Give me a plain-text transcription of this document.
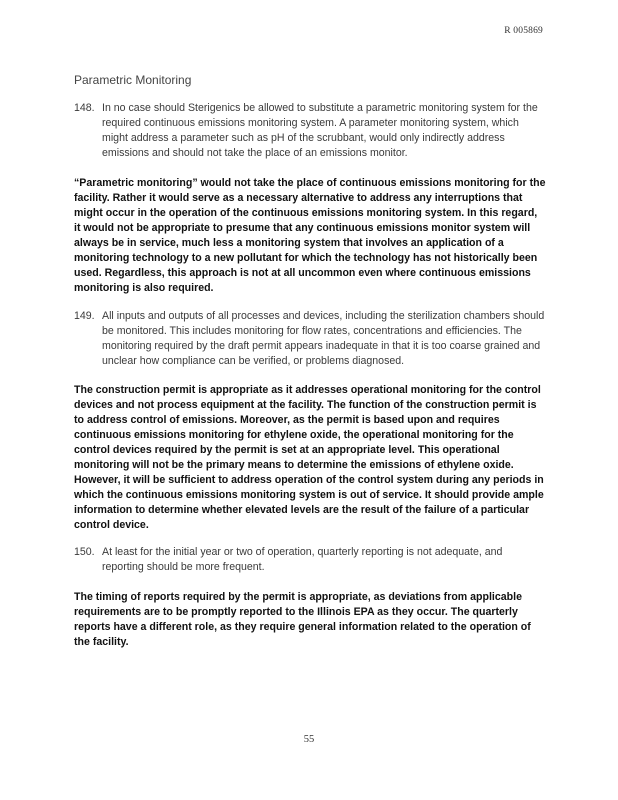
R 005869
Parametric Monitoring
148. In no case should Sterigenics be allowed to substitute a parametric monitoring system for the required continuous emissions monitoring system. A parameter monitoring system, which might address a parameter such as pH of the scrubbant, would only indirectly address emissions and should not take the place of an emissions monitor.
“Parametric monitoring” would not take the place of continuous emissions monitoring for the facility. Rather it would serve as a necessary alternative to address any interruptions that might occur in the operation of the continuous emissions monitoring system. In this regard, it would not be appropriate to presume that any continuous emissions monitor system will always be in service, much less a monitoring system that involves an application of a monitoring technology to a new pollutant for which the technology has not historically been used. Regardless, this approach is not at all uncommon even where continuous emissions monitoring is also required.
149. All inputs and outputs of all processes and devices, including the sterilization chambers should be monitored. This includes monitoring for flow rates, concentrations and efficiencies. The monitoring required by the draft permit appears inadequate in that it is too coarse grained and unclear how compliance can be verified, or problems diagnosed.
The construction permit is appropriate as it addresses operational monitoring for the control devices and not process equipment at the facility. The function of the construction permit is to address control of emissions. Moreover, as the permit is based upon and requires continuous emissions monitoring for ethylene oxide, the operational monitoring for the control devices required by the permit is set at an appropriate level. This operational monitoring will not be the primary means to determine the emissions of ethylene oxide. However, it will be sufficient to address operation of the control system during any periods in which the continuous emissions monitoring system is out of service. It should provide ample information to determine whether elevated levels are the result of the failure of a particular control device.
150. At least for the initial year or two of operation, quarterly reporting is not adequate, and reporting should be more frequent.
The timing of reports required by the permit is appropriate, as deviations from applicable requirements are to be promptly reported to the Illinois EPA as they occur. The quarterly reports have a different role, as they require general information related to the operation of the facility.
55
